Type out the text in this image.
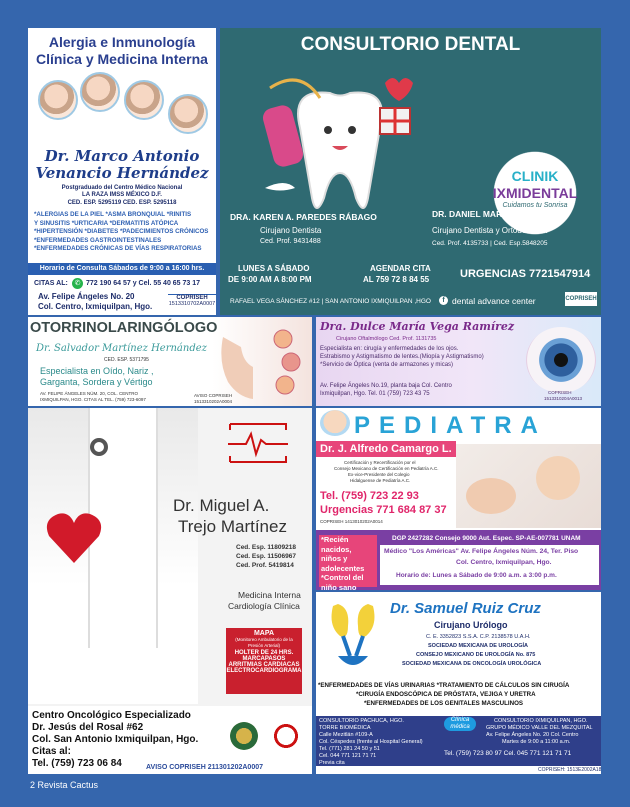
Alergia e Inmunología Clínica y Medicina Interna
Dr. Marco Antonio Venancio Hernández
Postgraduado del Centro Médico Nacional
LA RAZA IMSS MÉXICO D.F.
CED. ESP. 5295119 CED. ESP. 5295118
*ALERGIAS DE LA PIEL *ASMA BRONQUIAL *RINITIS
Y SINUSITIS *URTICARIA *DERMATITIS ATÓPICA
*HIPERTENSIÓN *DIABETES *PADECIMIENTOS CRÓNICOS
*ENFERMEDADES GASTROINTESTINALES
*ENFERMEDADES CRÓNICAS DE VÍAS RESPIRATORIAS
Horario de Consulta Sábados de 9:00 a 16:00 hrs.
CITAS AL: ✆ 772 190 64 57 y Cel. 55 40 65 73 17
Av. Felipe Ángeles No. 20
Col. Centro, Ixmiquilpan, Hgo.
COPRISEH
1513310702A0007
CONSULTORIO DENTAL
CLINIK
IXMIDENTAL
Cuidamos tu Sonrisa
DRA. KAREN A. PAREDES RÁBAGO
Cirujano Dentista
Ced. Prof. 9431488
DR. DANIEL MARTÍNES TORRES
Cirujano Dentista y Ortodoncista
Ced. Prof. 4135733 | Ced. Esp.5848205
LUNES A SÁBADO
DE 9:00 AM A 8:00 PM
AGENDAR CITA
AL 759 72 8 84 55	URGENCIAS 7721547914
RAFAEL VEGA SÁNCHEZ #12 | SAN ANTONIO IXMIQUILPAN ,HGO	f dental advance center	COPRISEH
OTORRINOLARINGÓLOGO
Dr. Salvador Martínez Hernández
CED. ESP. 5371795
Especialista en Oído, Nariz ,
Garganta, Sordera y Vértigo
AV. FELIPE ÁNGELES NÚM. 20, COL. CENTRO
IXMIQUILPAN, HGO. CITAS AL TEL. (759) 723-6097
AVISO COPRISEH
1513310202A0004
Dra. Dulce María Vega Ramírez
Cirujano Oftalmólogo Ced. Prof. 1131735
Especialista en: cirugía y enfermedades de los ojos.
Estrabismo y Astigmatismo de lentes.(Miopía y Astigmatismo)
*Servicio de Óptica (venta de armazones y micas)
Av. Felipe Ángeles No.19, planta baja Col. Centro
Ixmiquilpan, Hgo. Tel. 01 (759) 723 43 75	COPRISEH
1513310204A0013
Dr. Miguel A.
Trejo Martínez
Ced. Esp. 11809218
Ced. Esp. 11506967
Ced. Prof. 5419814
Medicina Interna
Cardiología Clínica
MAPA
(Monitoreo Ambulatorio de la Presión Arterial)
HOLTER DE 24 HRS.
MARCAPASOS
ARRITMIAS CARDIACAS
ELECTROCARDIOGRAMA
Centro Oncológico Especializado
Dr. Jesús del Rosal #62
Col. San Antonio Ixmiquilpan, Hgo.
Citas al:
Tel. (759) 723 06 84	AVISO COPRISEH 211301202A0007
PEDIATRA
Dr. J. Alfredo Camargo L.
Certificación y Recertificación por el
Consejo Mexicano de Certificación en Pediatría A.C.
Ex-vice-Presidente del Colegio
Hidalguense de Pediatría A.C.
Tel. (759) 723 22 93
Urgencias 771 684 87 37
COPRISEH 1413010202A0014
*Recién nacidos,
niños y
adolecentes
*Control del
niño sano
DGP 2427282 Consejo 9000 Aut. Espec. SP-AE-007781 UNAM
Médico "Los Américas" Av. Felipe Ángeles Núm. 24, Ter. Piso
Col. Centro, Ixmiquilpan, Hgo.
Horario de: Lunes a Sábado de 9:00 a.m. a 3:00 p.m.
Dr. Samuel Ruiz Cruz
Cirujano Urólogo
C. E. 3352823 S.S.A. C.P. 2138578 U.A.H.
SOCIEDAD MEXICANA DE UROLOGÍA
CONSEJO MEXICANO DE UROLOGÍA No. 875
SOCIEDAD MEXICANA DE ONCOLOGÍA UROLÓGICA
*ENFERMEDADES DE VÍAS URINARIAS *TRATAMIENTO DE CÁLCULOS SIN CIRUGÍA
*CIRUGÍA ENDOSCÓPICA DE PRÓSTATA, VEJIGA Y URETRA
*ENFERMEDADES DE LOS GENITALES MASCULINOS
CONSULTORIO PACHUCA, HGO.
TORRE BIOMÉDICA
Calle Mezitlán #109-A
Col. Céspedes (frente al Hospital General)
Tel. (771) 281 24 50 y 51
Cel. 044 771 121 71 71
Previa cita
Clínica médica
CONSULTORIO IXMIQUILPAN, HGO.
GRUPO MÉDICO VALLE DEL MEZQUITAL
Av. Felipe Ángeles No. 20 Col. Centro
Martes de 9:00 a 11:00 a.m.
Tel. (759) 723 80 97 Cel. 045 771 121 71 71
COPRISEH: 1513E2002A18
2 Revista Cactus
